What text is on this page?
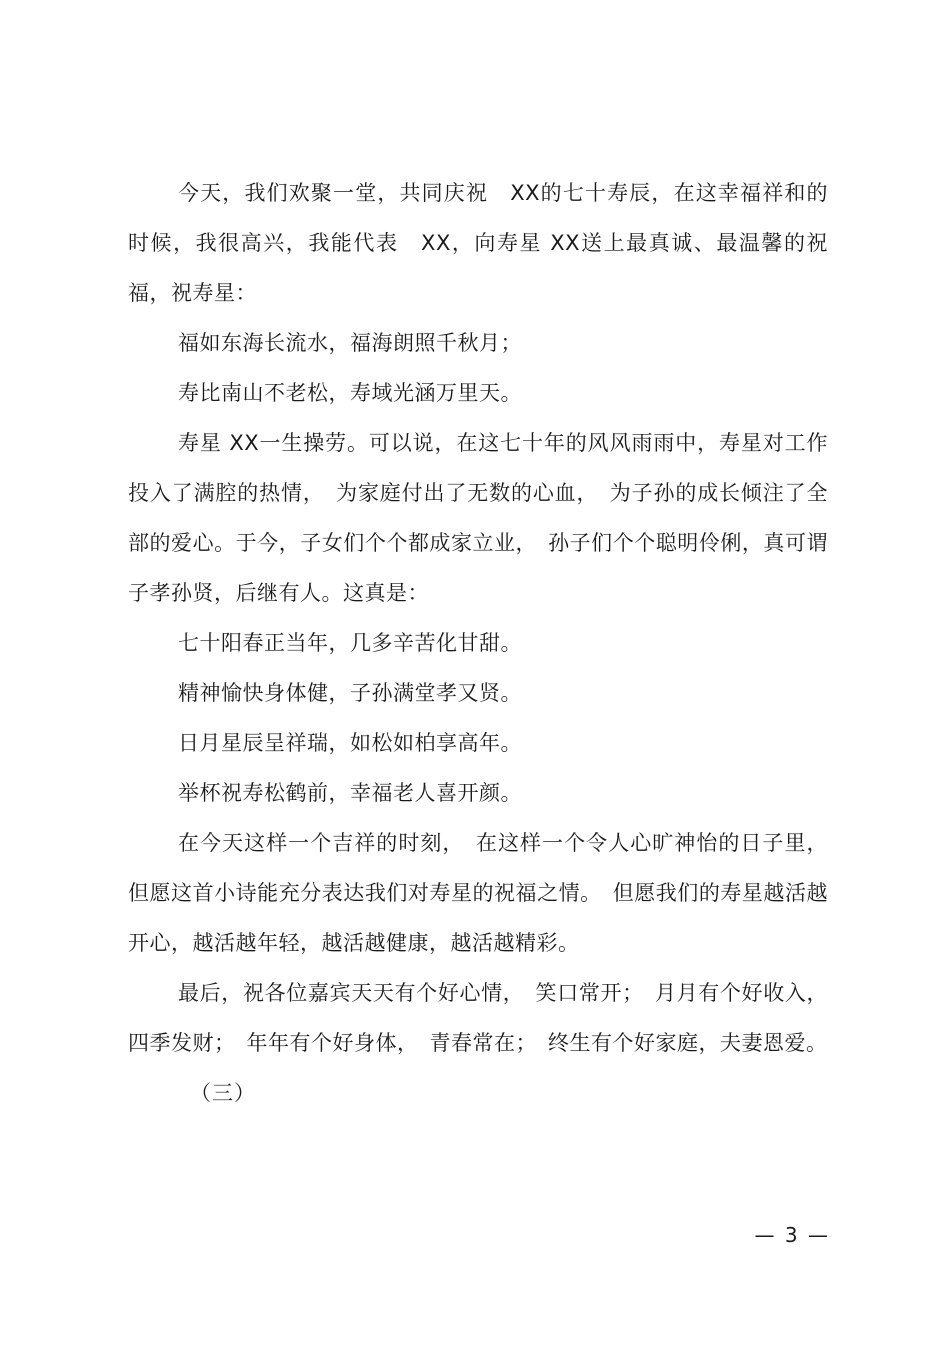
今天，我们欢聚一堂，共同庆祝　XX的七十寿辰，在这幸福祥和的时候，我很高兴，我能代表　XX，向寿星 XX送上最真诚、最温馨的祝福，祝寿星：

福如东海长流水，福海朗照千秋月；

寿比南山不老松，寿域光涵万里天。

寿星 XX一生操劳。可以说，在这七十年的风风雨雨中，寿星对工作投入了满腔的热情，　为家庭付出了无数的心血，　为子孙的成长倾注了全部的爱心。于今，子女们个个都成家立业，　孙子们个个聪明伶俐，真可谓子孝孙贤，后继有人。这真是：

七十阳春正当年，几多辛苦化甘甜。

精神愉快身体健，子孙满堂孝又贤。

日月星辰呈祥瑞，如松如柏享高年。

举杯祝寿松鹤前，幸福老人喜开颜。

在今天这样一个吉祥的时刻，　在这样一个令人心旷神怡的日子里，但愿这首小诗能充分表达我们对寿星的祝福之情。　但愿我们的寿星越活越开心，越活越年轻，越活越健康，越活越精彩。

最后，祝各位嘉宾天天有个好心情，　笑口常开；　月月有个好收入，四季发财；　年年有个好身体，　青春常在；　终生有个好家庭，夫妻恩爱。

（三）

— 3 —
